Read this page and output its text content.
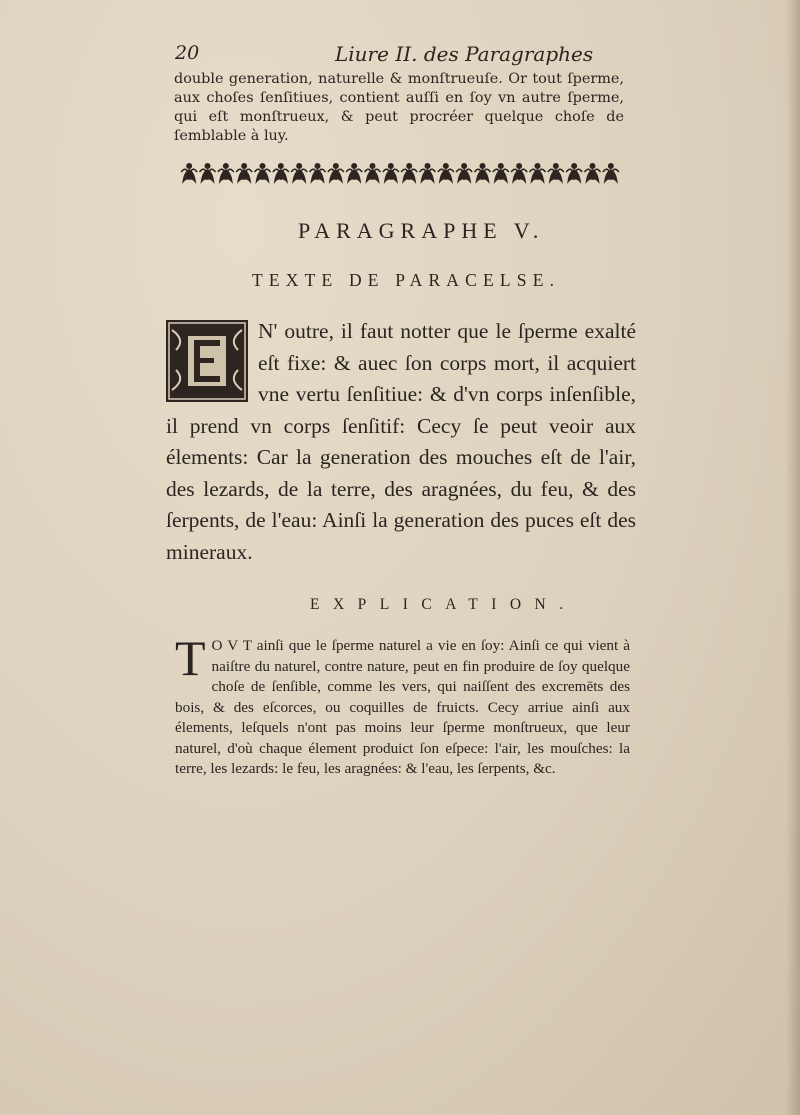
20	Liure II. des Paragraphes

double generation, naturelle & monſtrueuſe. Or tout ſperme, aux choſes ſenſitiues, contient auſſi en ſoy vn autre ſperme, qui eſt monſtrueux, & peut procréer quelque choſe de ſemblable à luy.

PARAGRAPHE V.
TEXTE DE PARACELSE.

N' outre, il faut notter que le ſperme exalté eſt fixe: & auec ſon corps mort, il acquiert vne vertu ſenſitiue: & d'vn corps inſenſible, il prend vn corps ſenſitif: Cecy ſe peut veoir aux élements: Car la generation des mouches eſt de l'air, des lezards, de la terre, des aragnées, du feu, & des ſerpents, de l'eau: Ainſi la generation des puces eſt des mineraux.

EXPLICATION.
T O V T ainſi que le ſperme naturel a vie en ſoy: Ainſi ce qui vient à naiſtre du naturel, contre nature, peut en fin produire de ſoy quelque choſe de ſenſible, comme les vers, qui naiſſent des excremēts des bois, & des eſcorces, ou coquilles de fruicts. Cecy arriue ainſi aux élements, leſquels n'ont pas moins leur ſperme monſtrueux, que leur naturel, d'où chaque élement produict ſon eſpece: l'air, les mouſches: la terre, les lezards: le feu, les aragnées: & l'eau, les ſerpents, &c.
